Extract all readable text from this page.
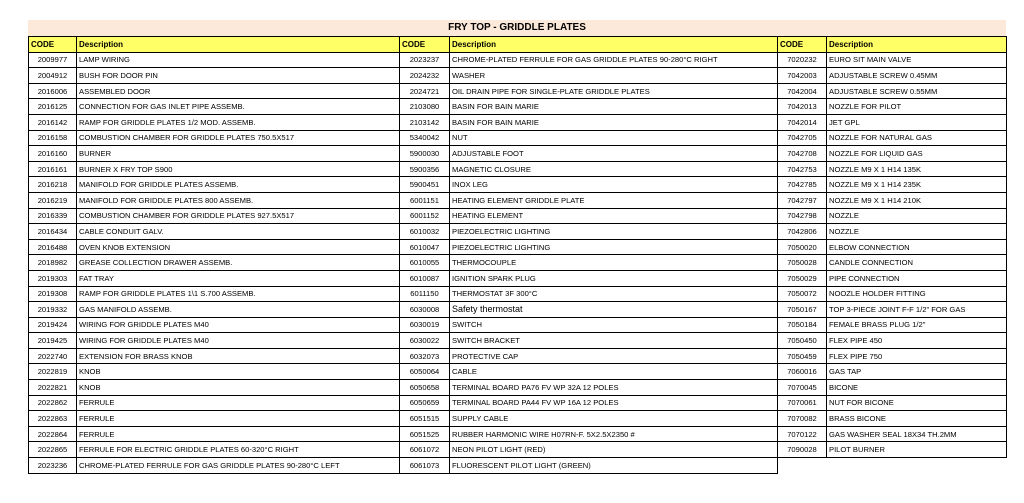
FRY TOP - GRIDDLE PLATES
CODE	Description	CODE	Description	CODE	Description
2009977	LAMP WIRING	2023237	CHROME-PLATED FERRULE FOR GAS GRIDDLE PLATES 90-280°C RIGHT	7020232	EURO SIT MAIN VALVE
2004912	BUSH FOR DOOR PIN	2024232	WASHER	7042003	ADJUSTABLE SCREW 0.45MM
2016006	ASSEMBLED DOOR	2024721	OIL DRAIN PIPE FOR SINGLE-PLATE GRIDDLE PLATES	7042004	ADJUSTABLE SCREW 0.55MM
2016125	CONNECTION FOR GAS INLET PIPE ASSEMB.	2103080	BASIN FOR BAIN MARIE	7042013	NOZZLE FOR PILOT
2016142	RAMP FOR GRIDDLE PLATES 1/2 MOD. ASSEMB.	2103142	BASIN FOR BAIN MARIE	7042014	JET GPL
2016158	COMBUSTION CHAMBER FOR GRIDDLE PLATES 750.5X517	5340042	NUT	7042705	NOZZLE FOR NATURAL GAS
2016160	BURNER	5900030	ADJUSTABLE FOOT	7042708	NOZZLE FOR LIQUID GAS
2016161	BURNER X FRY TOP S900	5900356	MAGNETIC CLOSURE	7042753	NOZZLE M9 X 1 H14 135K
2016218	MANIFOLD FOR GRIDDLE PLATES ASSEMB.	5900451	INOX LEG	7042785	NOZZLE M9 X 1 H14 235K
2016219	MANIFOLD FOR GRIDDLE PLATES 800 ASSEMB.	6001151	HEATING ELEMENT GRIDDLE PLATE	7042797	NOZZLE M9 X 1 H14 210K
2016339	COMBUSTION CHAMBER FOR GRIDDLE PLATES 927.5X517	6001152	HEATING ELEMENT	7042798	NOZZLE
2016434	CABLE CONDUIT GALV.	6010032	PIEZOELECTRIC LIGHTING	7042806	NOZZLE
2016488	OVEN KNOB EXTENSION	6010047	PIEZOELECTRIC LIGHTING	7050020	ELBOW CONNECTION
2018982	GREASE COLLECTION DRAWER ASSEMB.	6010055	THERMOCOUPLE	7050028	CANDLE CONNECTION
2019303	FAT TRAY	6010087	IGNITION SPARK PLUG	7050029	PIPE CONNECTION
2019308	RAMP FOR GRIDDLE PLATES 1\1 S.700 ASSEMB.	6011150	THERMOSTAT 3F 300°C	7050072	NOOZLE HOLDER FITTING
2019332	GAS MANIFOLD ASSEMB.	6030008	Safety thermostat	7050167	TOP 3-PIECE JOINT F-F 1/2" FOR GAS
2019424	WIRING FOR GRIDDLE PLATES M40	6030019	SWITCH	7050184	FEMALE BRASS PLUG 1/2"
2019425	WIRING FOR GRIDDLE PLATES M40	6030022	SWITCH BRACKET	7050450	FLEX PIPE 450
2022740	EXTENSION FOR BRASS KNOB	6032073	PROTECTIVE CAP	7050459	FLEX PIPE 750
2022819	KNOB	6050064	CABLE	7060016	GAS TAP
2022821	KNOB	6050658	TERMINAL BOARD PA76 FV WP 32A 12 POLES	7070045	BICONE
2022862	FERRULE	6050659	TERMINAL BOARD PA44 FV WP 16A 12 POLES	7070061	NUT FOR BICONE
2022863	FERRULE	6051515	SUPPLY CABLE	7070082	BRASS BICONE
2022864	FERRULE	6051525	RUBBER HARMONIC WIRE H07RN-F. 5X2.5X2350 #	7070122	GAS WASHER SEAL 18X34 TH.2MM
2022865	FERRULE FOR ELECTRIC GRIDDLE PLATES 60-320°C RIGHT	6061072	NEON PILOT LIGHT (RED)	7090028	PILOT BURNER
2023236	CHROME-PLATED FERRULE FOR GAS GRIDDLE PLATES 90-280°C LEFT	6061073	FLUORESCENT PILOT LIGHT (GREEN)		
